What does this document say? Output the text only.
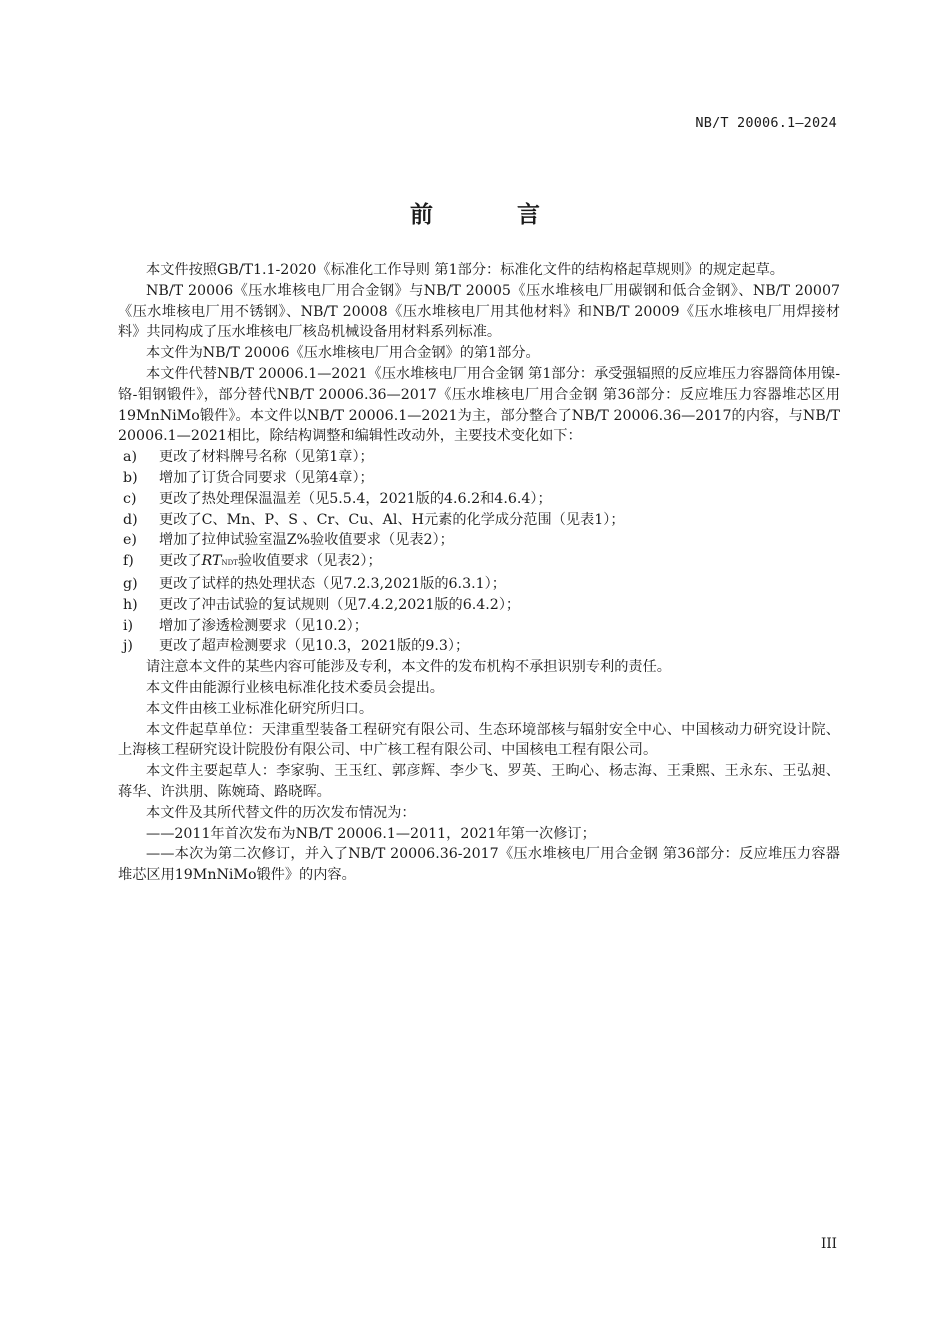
NB/T 20006.1—2024
前 言

本文件按照GB/T1.1-2020《标准化工作导则 第1部分：标准化文件的结构格起草规则》的规定起草。

NB/T 20006《压水堆核电厂用合金钢》与NB/T 20005《压水堆核电厂用碳钢和低合金钢》、NB/T 20007《压水堆核电厂用不锈钢》、NB/T 20008《压水堆核电厂用其他材料》和NB/T 20009《压水堆核电厂用焊接材料》共同构成了压水堆核电厂核岛机械设备用材料系列标准。

本文件为NB/T 20006《压水堆核电厂用合金钢》的第1部分。

本文件代替NB/T 20006.1—2021《压水堆核电厂用合金钢 第1部分：承受强辐照的反应堆压力容器筒体用镍-铬-钼钢锻件》，部分替代NB/T 20006.36—2017《压水堆核电厂用合金钢 第36部分：反应堆压力容器堆芯区用19MnNiMo锻件》。本文件以NB/T 20006.1—2021为主，部分整合了NB/T 20006.36—2017的内容，与NB/T 20006.1—2021相比，除结构调整和编辑性改动外，主要技术变化如下：

a) 更改了材料牌号名称（见第1章）；

b) 增加了订货合同要求（见第4章）；

c) 更改了热处理保温温差（见5.5.4，2021版的4.6.2和4.6.4）；

d) 更改了C、Mn、P、S 、Cr、Cu、Al、H元素的化学成分范围（见表1）；

e) 增加了拉伸试验室温Z%验收值要求（见表2）；

f) 更改了RTNDT验收值要求（见表2）；

g) 更改了试样的热处理状态（见7.2.3,2021版的6.3.1）；

h) 更改了冲击试验的复试规则（见7.4.2,2021版的6.4.2）；

i) 增加了渗透检测要求（见10.2）；

j) 更改了超声检测要求（见10.3，2021版的9.3）；

请注意本文件的某些内容可能涉及专利，本文件的发布机构不承担识别专利的责任。

本文件由能源行业核电标准化技术委员会提出。

本文件由核工业标准化研究所归口。

本文件起草单位：天津重型装备工程研究有限公司、生态环境部核与辐射安全中心、中国核动力研究设计院、上海核工程研究设计院股份有限公司、中广核工程有限公司、中国核电工程有限公司。

本文件主要起草人：李家驹、王玉红、郭彦辉、李少飞、罗英、王昫心、杨志海、王秉熙、王永东、王弘昶、蒋华、许洪朋、陈婉琦、路晓晖。

本文件及其所代替文件的历次发布情况为：

——2011年首次发布为NB/T 20006.1—2011，2021年第一次修订；

——本次为第二次修订，并入了NB/T 20006.36-2017《压水堆核电厂用合金钢 第36部分：反应堆压力容器堆芯区用19MnNiMo锻件》的内容。

III
